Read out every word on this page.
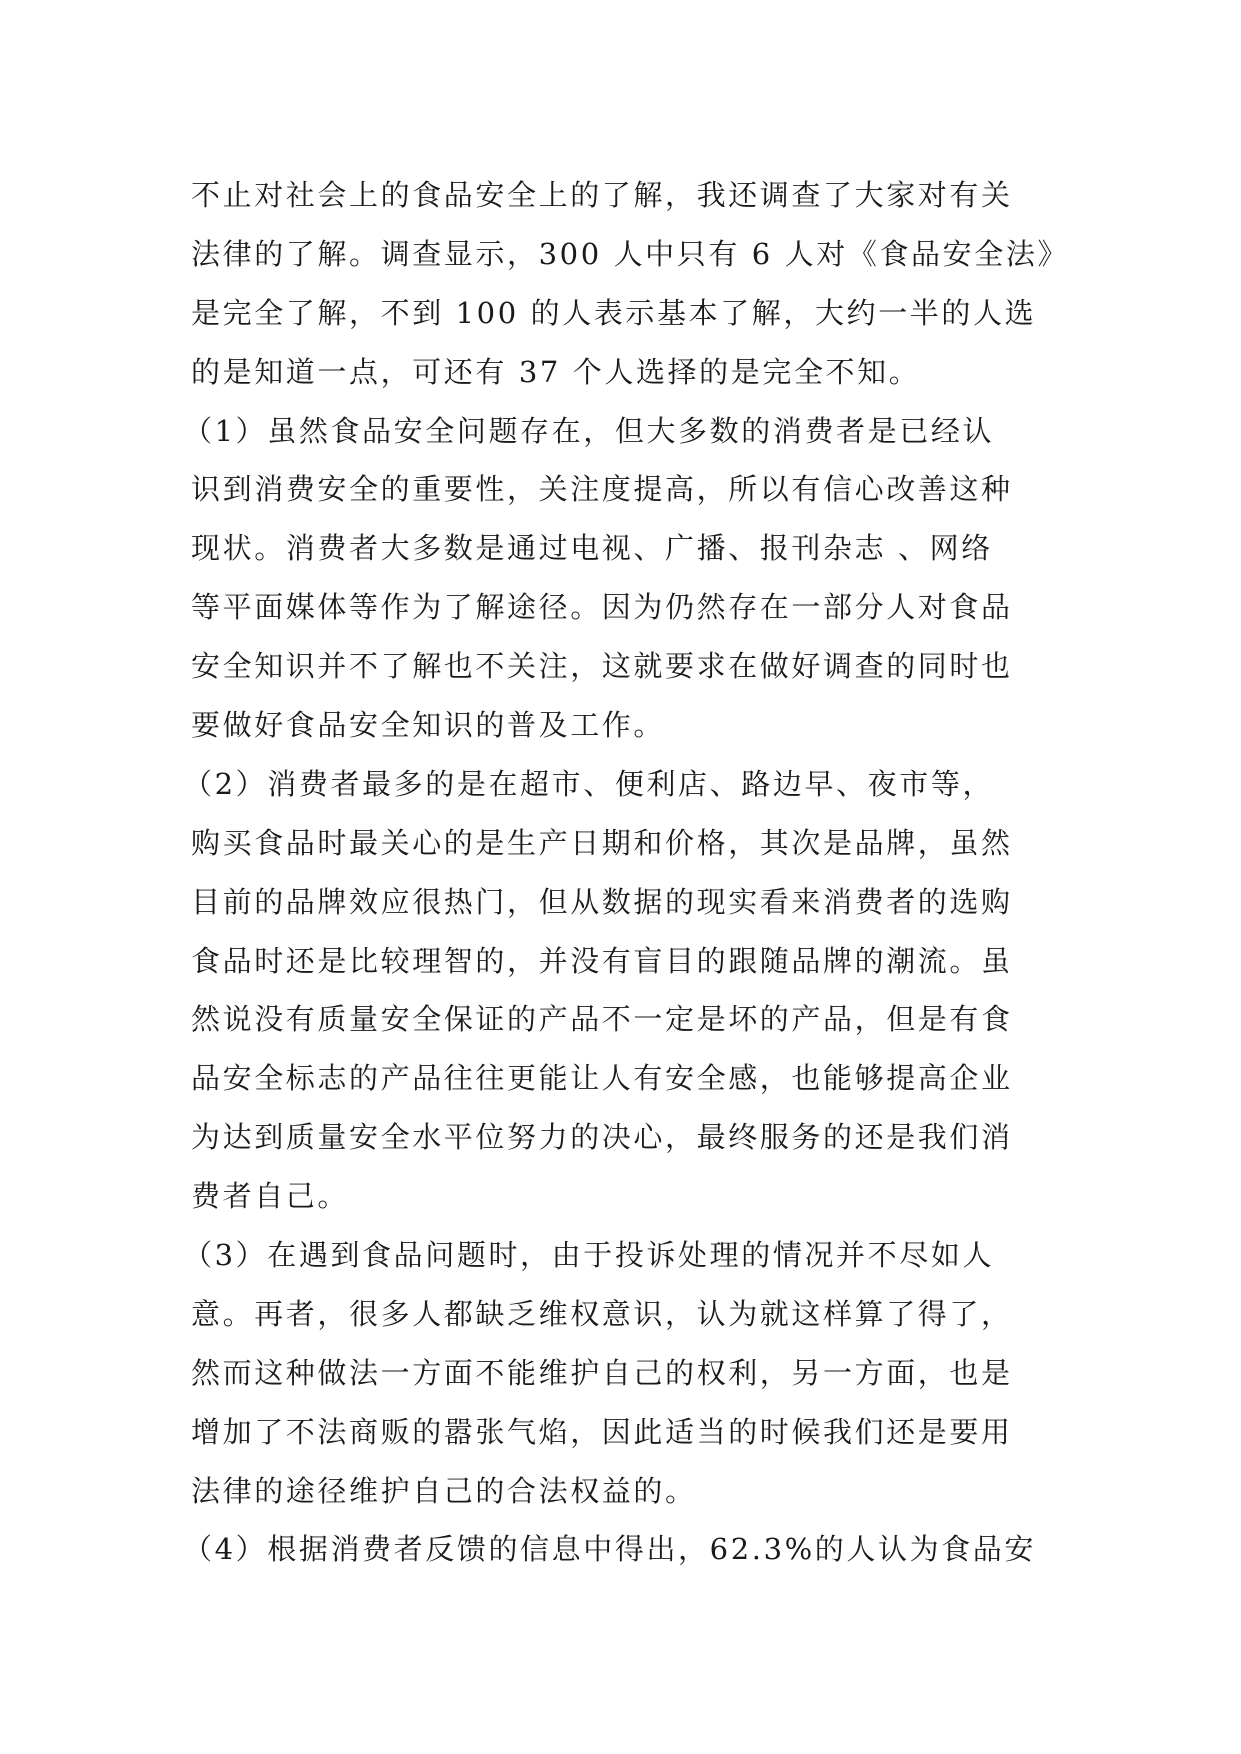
不止对社会上的食品安全上的了解，我还调查了大家对有关
法律的了解。调查显示，300 人中只有 6 人对《食品安全法》
是完全了解，不到 100 的人表示基本了解，大约一半的人选
的是知道一点，可还有 37 个人选择的是完全不知。
（1）虽然食品安全问题存在，但大多数的消费者是已经认
识到消费安全的重要性，关注度提高，所以有信心改善这种
现状。消费者大多数是通过电视、广播、报刊杂志 、网络
等平面媒体等作为了解途径。因为仍然存在一部分人对食品
安全知识并不了解也不关注，这就要求在做好调查的同时也
要做好食品安全知识的普及工作。
（2）消费者最多的是在超市、便利店、路边早、夜市等，
购买食品时最关心的是生产日期和价格，其次是品牌，虽然
目前的品牌效应很热门，但从数据的现实看来消费者的选购
食品时还是比较理智的，并没有盲目的跟随品牌的潮流。虽
然说没有质量安全保证的产品不一定是坏的产品，但是有食
品安全标志的产品往往更能让人有安全感，也能够提高企业
为达到质量安全水平位努力的决心，最终服务的还是我们消
费者自己。
（3）在遇到食品问题时，由于投诉处理的情况并不尽如人
意。再者，很多人都缺乏维权意识，认为就这样算了得了，
然而这种做法一方面不能维护自己的权利，另一方面，也是
增加了不法商贩的嚣张气焰，因此适当的时候我们还是要用
法律的途径维护自己的合法权益的。
（4）根据消费者反馈的信息中得出，62.3%的人认为食品安
